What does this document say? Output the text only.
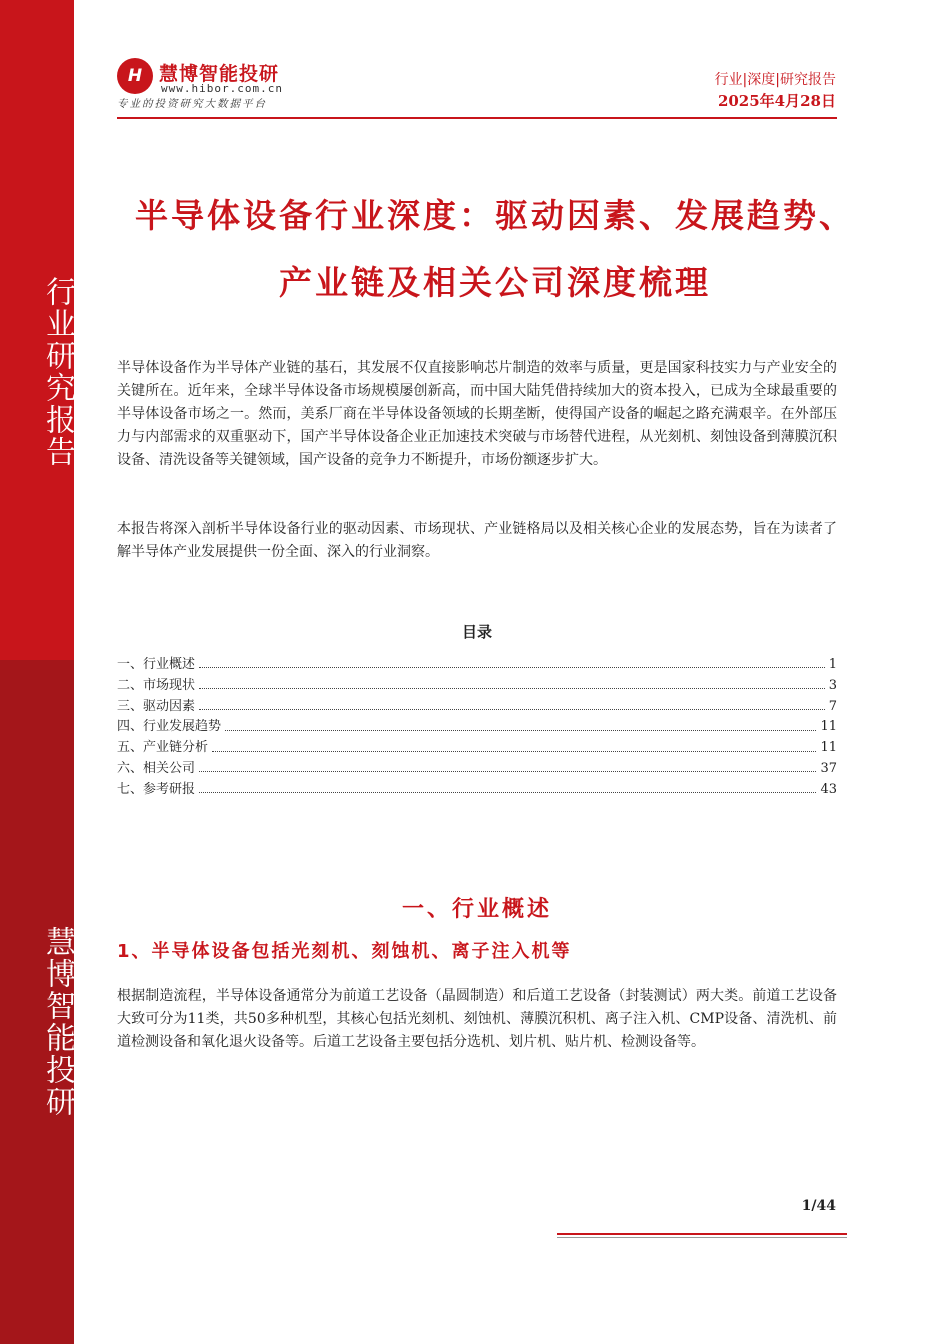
行业研究报告
慧博智能投研
H 慧博智能投研
www.hibor.com.cn
专业的投资研究大数据平台
行业|深度|研究报告
2025年4月28日
半导体设备行业深度：驱动因素、发展趋势、
产业链及相关公司深度梳理
半导体设备作为半导体产业链的基石，其发展不仅直接影响芯片制造的效率与质量，更是国家科技实力与产业安全的关键所在。近年来，全球半导体设备市场规模屡创新高，而中国大陆凭借持续加大的资本投入，已成为全球最重要的半导体设备市场之一。然而，美系厂商在半导体设备领域的长期垄断，使得国产设备的崛起之路充满艰辛。在外部压力与内部需求的双重驱动下，国产半导体设备企业正加速技术突破与市场替代进程，从光刻机、刻蚀设备到薄膜沉积设备、清洗设备等关键领域，国产设备的竞争力不断提升，市场份额逐步扩大。
本报告将深入剖析半导体设备行业的驱动因素、市场现状、产业链格局以及相关核心企业的发展态势，旨在为读者了解半导体产业发展提供一份全面、深入的行业洞察。
目录
一、行业概述	1
二、市场现状	3
三、驱动因素	7
四、行业发展趋势	11
五、产业链分析	11
六、相关公司	37
七、参考研报	43
一、行业概述
1、半导体设备包括光刻机、刻蚀机、离子注入机等
根据制造流程，半导体设备通常分为前道工艺设备（晶圆制造）和后道工艺设备（封装测试）两大类。前道工艺设备大致可分为11类，共50多种机型，其核心包括光刻机、刻蚀机、薄膜沉积机、离子注入机、CMP设备、清洗机、前道检测设备和氧化退火设备等。后道工艺设备主要包括分选机、划片机、贴片机、检测设备等。
1/44
